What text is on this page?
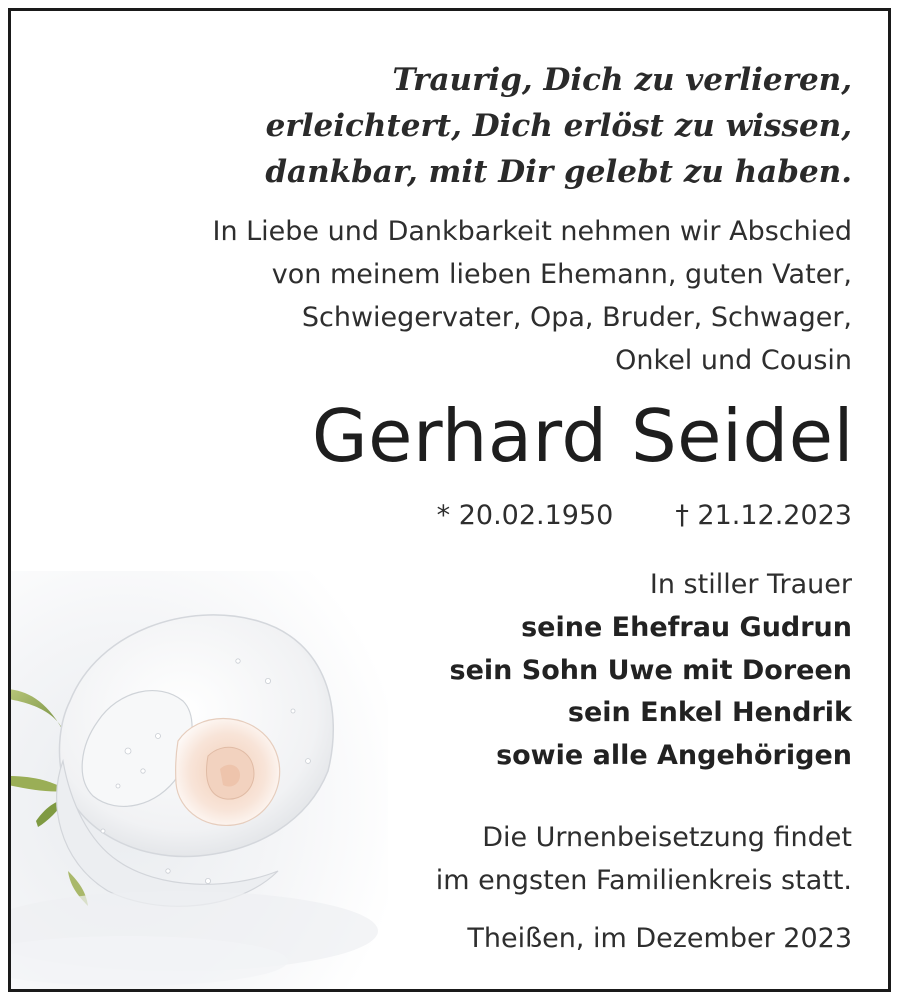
Traurig, Dich zu verlieren,
erleichtert, Dich erlöst zu wissen,
dankbar, mit Dir gelebt zu haben.
In Liebe und Dankbarkeit nehmen wir Abschied
von meinem lieben Ehemann, guten Vater,
Schwiegervater, Opa, Bruder, Schwager,
Onkel und Cousin
Gerhard Seidel
* 20.02.1950 † 21.12.2023
In stiller Trauer
seine Ehefrau Gudrun
sein Sohn Uwe mit Doreen
sein Enkel Hendrik
sowie alle Angehörigen
Die Urnenbeisetzung findet
im engsten Familienkreis statt.
Theißen, im Dezember 2023
